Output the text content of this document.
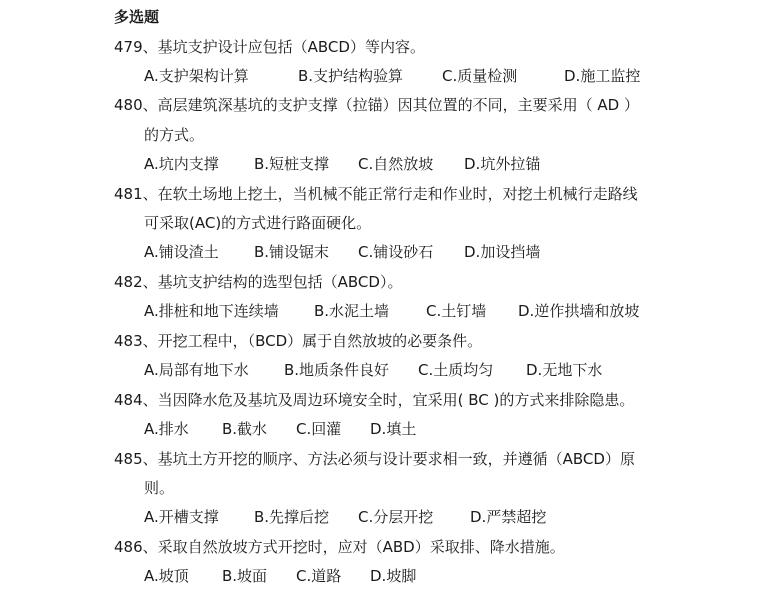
多选题
479、基坑支护设计应包括（ABCD）等内容。
A.支护架构计算	B.支护结构验算	C.质量检测	D.施工监控
480、高层建筑深基坑的支护支撑（拉锚）因其位置的不同，主要采用（ AD ）
的方式。
A.坑内支撑 B.短桩支撑 C.自然放坡 D.坑外拉锚
481、在软土场地上挖土，当机械不能正常行走和作业时，对挖土机械行走路线
可采取(AC)的方式进行路面硬化。
A.铺设渣土 B.铺设锯末 C.铺设砂石 D.加设挡墙
482、基坑支护结构的选型包括（ABCD）。
A.排桩和地下连续墙 B.水泥土墙 C.土钉墙 D.逆作拱墙和放坡
483、开挖工程中，（BCD）属于自然放坡的必要条件。
A.局部有地下水 B.地质条件良好 C.土质均匀 D.无地下水
484、当因降水危及基坑及周边环境安全时，宜采用( BC )的方式来排除隐患。
A.排水 B.截水 C.回灌 D.填土
485、基坑土方开挖的顺序、方法必须与设计要求相一致，并遵循（ABCD）原
则。
A.开槽支撑 B.先撑后挖 C.分层开挖 D.严禁超挖
486、采取自然放坡方式开挖时，应对（ABD）采取排、降水措施。
A.坡顶 B.坡面 C.道路 D.坡脚
